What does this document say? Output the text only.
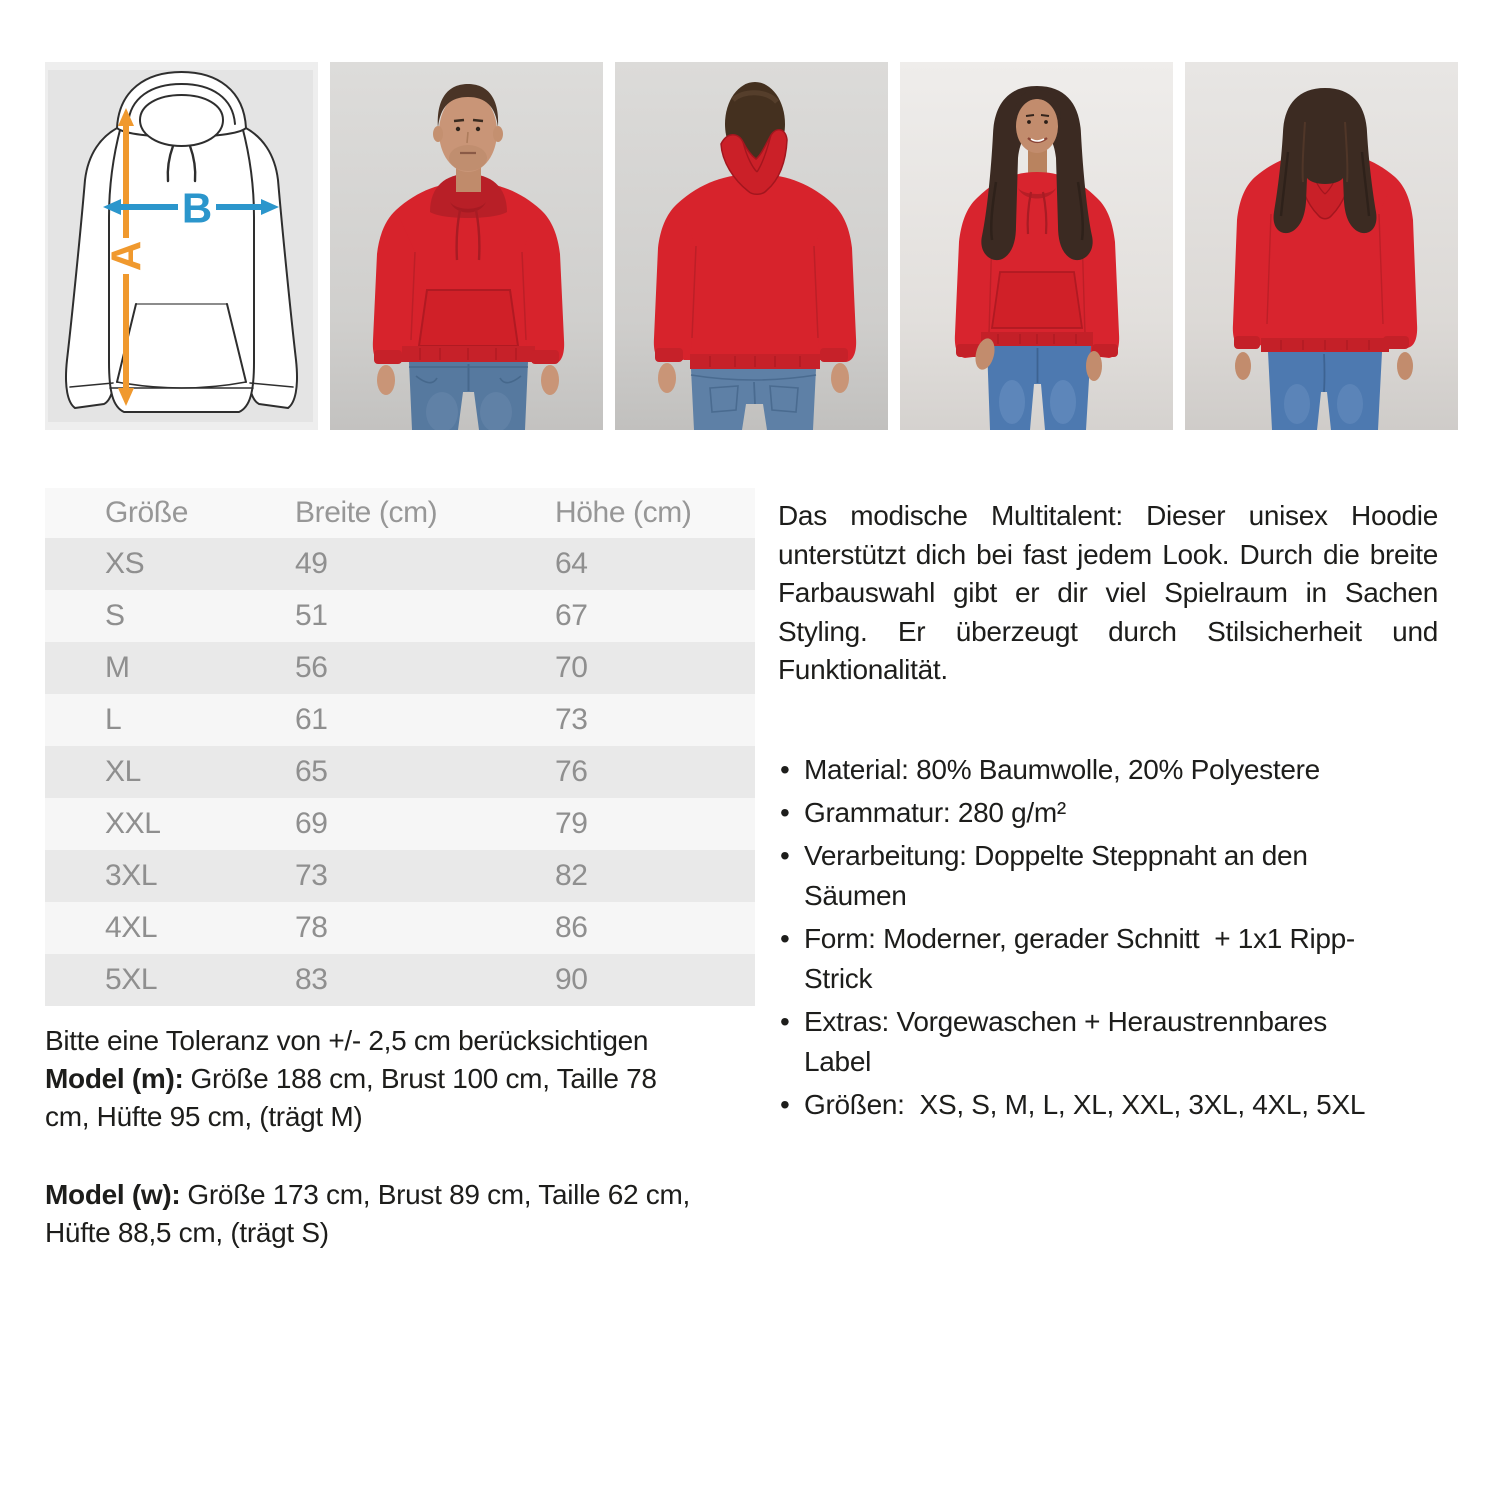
A
B
Größe	Breite (cm)	Höhe (cm)
XS	49	64
S	51	67
M	56	70
L	61	73
XL	65	76
XXL	69	79
3XL	73	82
4XL	78	86
5XL	83	90

Bitte eine Toleranz von +/- 2,5 cm berücksichtigen

Model (m): Größe 188 cm, Brust 100 cm, Taille 78 cm, Hüfte 95 cm, (trägt M)

Model (w): Größe 173 cm, Brust 89 cm, Taille 62 cm, Hüfte 88,5 cm, (trägt S)

Das modische Multitalent: Dieser unisex Hoodie unterstützt dich bei fast jedem Look. Durch die breite Farbauswahl gibt er dir viel Spielraum in Sachen Styling. Er überzeugt durch Stilsicherheit und Funktionalität.

• Material: 80% Baumwolle, 20% Polyestere
• Grammatur: 280 g/m²
• Verarbeitung: Doppelte Steppnaht an den Säumen
• Form: Moderner, gerader Schnitt  + 1x1 Ripp-Strick
• Extras: Vorgewaschen + Heraustrennbares Label
• Größen:  XS, S, M, L, XL, XXL, 3XL, 4XL, 5XL
